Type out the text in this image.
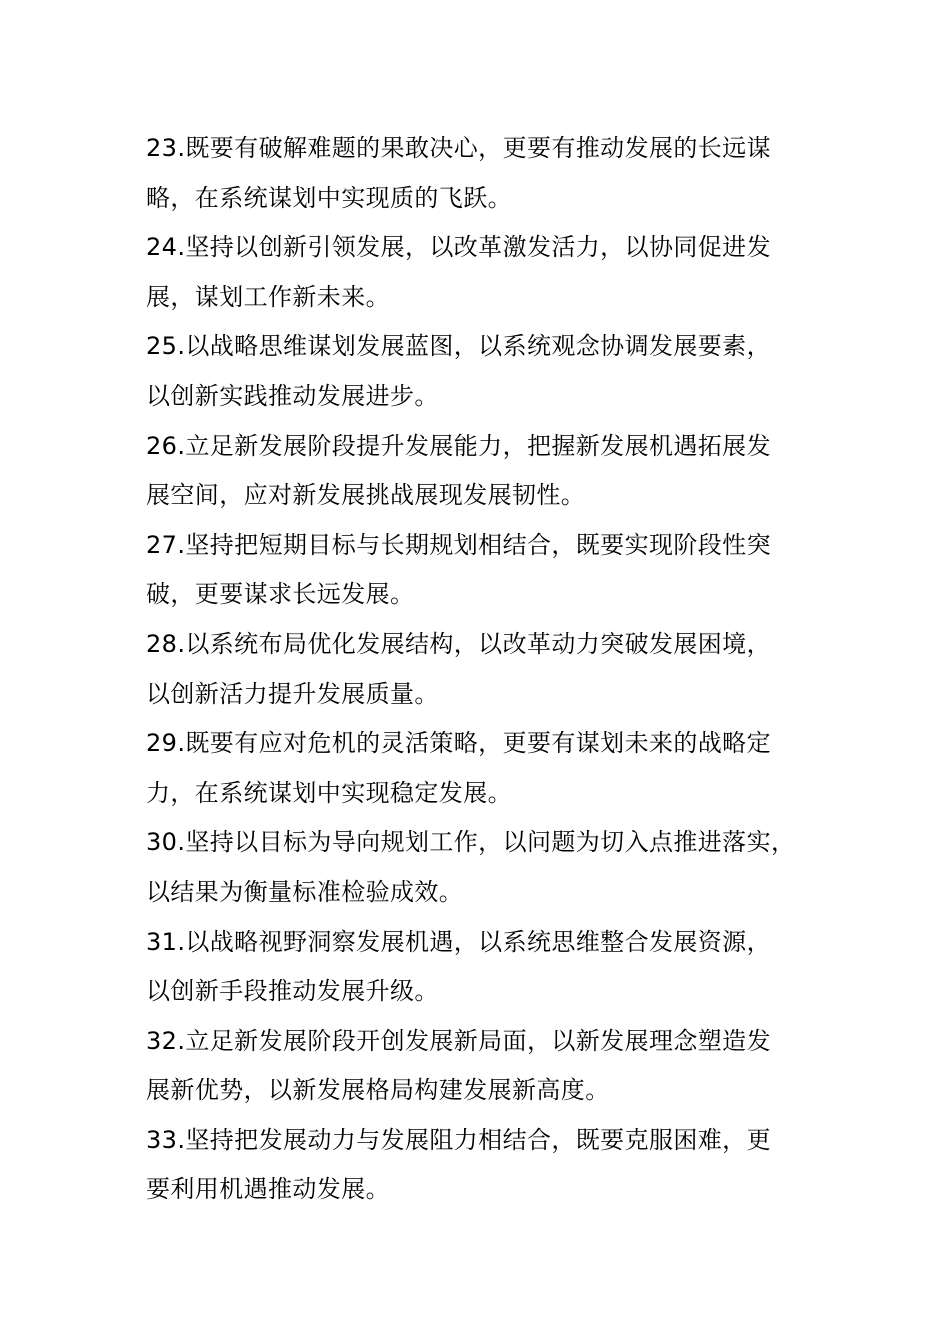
23.既要有破解难题的果敢决心，更要有推动发展的长远谋
略，在系统谋划中实现质的飞跃。
24.坚持以创新引领发展，以改革激发活力，以协同促进发
展，谋划工作新未来。
25.以战略思维谋划发展蓝图，以系统观念协调发展要素，
以创新实践推动发展进步。
26.立足新发展阶段提升发展能力，把握新发展机遇拓展发
展空间，应对新发展挑战展现发展韧性。
27.坚持把短期目标与长期规划相结合，既要实现阶段性突
破，更要谋求长远发展。
28.以系统布局优化发展结构，以改革动力突破发展困境，
以创新活力提升发展质量。
29.既要有应对危机的灵活策略，更要有谋划未来的战略定
力，在系统谋划中实现稳定发展。
30.坚持以目标为导向规划工作，以问题为切入点推进落实，
以结果为衡量标准检验成效。
31.以战略视野洞察发展机遇，以系统思维整合发展资源，
以创新手段推动发展升级。
32.立足新发展阶段开创发展新局面，以新发展理念塑造发
展新优势，以新发展格局构建发展新高度。
33.坚持把发展动力与发展阻力相结合，既要克服困难，更
要利用机遇推动发展。
